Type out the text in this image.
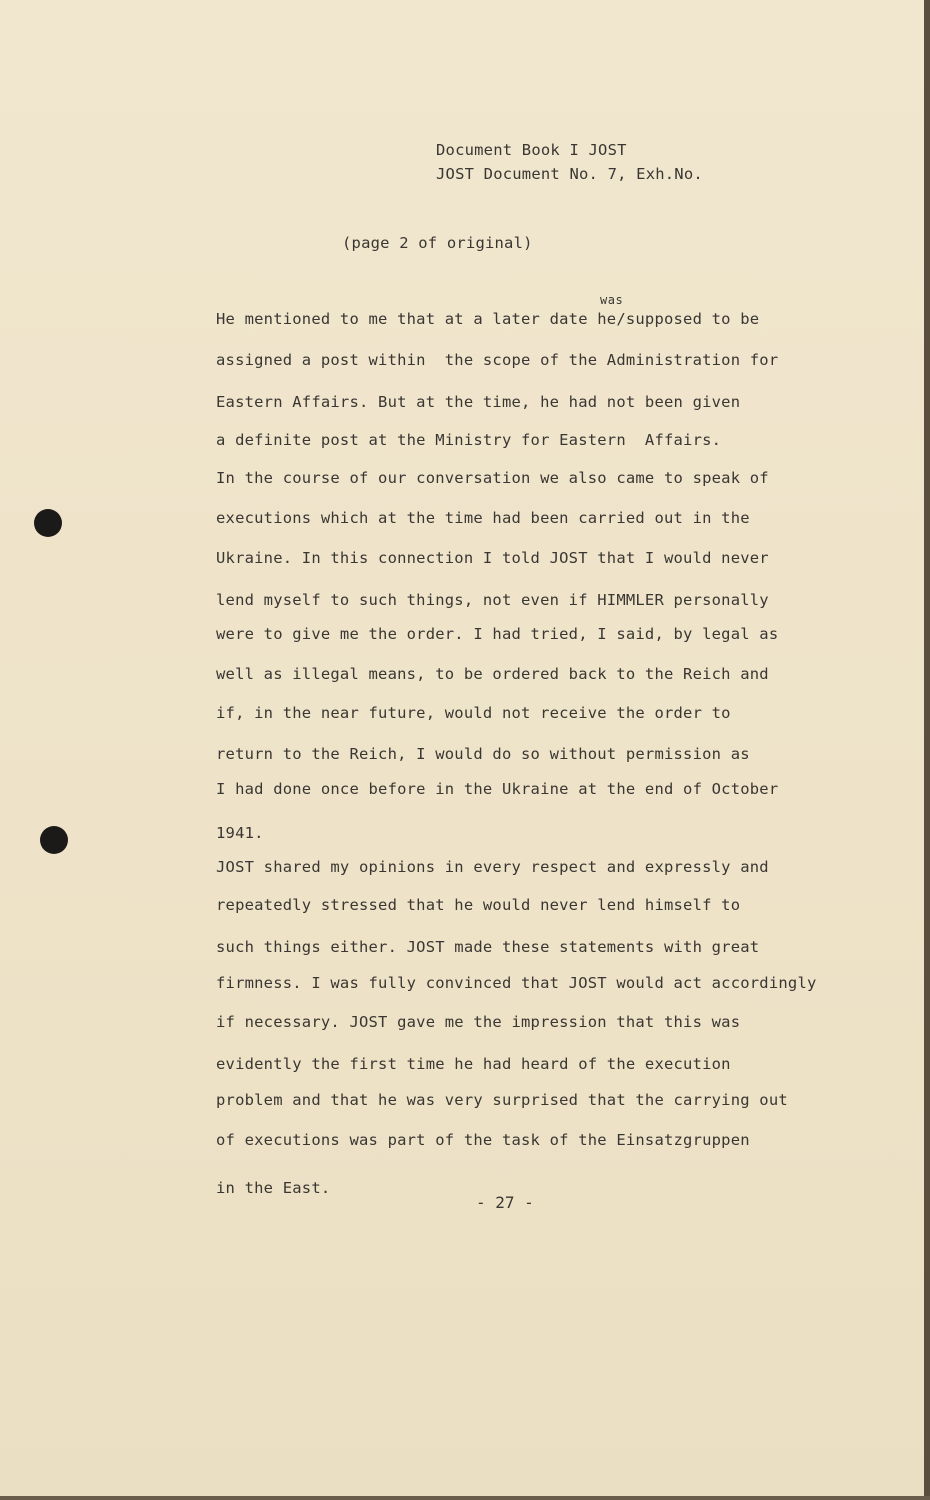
Document Book I JOST
JOST Document No. 7, Exh.No.
(page 2 of original)
was
He mentioned to me that at a later date he/supposed to be
assigned a post within  the scope of the Administration for
Eastern Affairs. But at the time, he had not been given
a definite post at the Ministry for Eastern  Affairs.
In the course of our conversation we also came to speak of
executions which at the time had been carried out in the
Ukraine. In this connection I told JOST that I would never
lend myself to such things, not even if HIMMLER personally
were to give me the order. I had tried, I said, by legal as
well as illegal means, to be ordered back to the Reich and
if, in the near future, would not receive the order to
return to the Reich, I would do so without permission as
I had done once before in the Ukraine at the end of October
1941.
JOST shared my opinions in every respect and expressly and
repeatedly stressed that he would never lend himself to
such things either. JOST made these statements with great
firmness. I was fully convinced that JOST would act accordingly
if necessary. JOST gave me the impression that this was
evidently the first time he had heard of the execution
problem and that he was very surprised that the carrying out
of executions was part of the task of the Einsatzgruppen
in the East.
- 27 -
